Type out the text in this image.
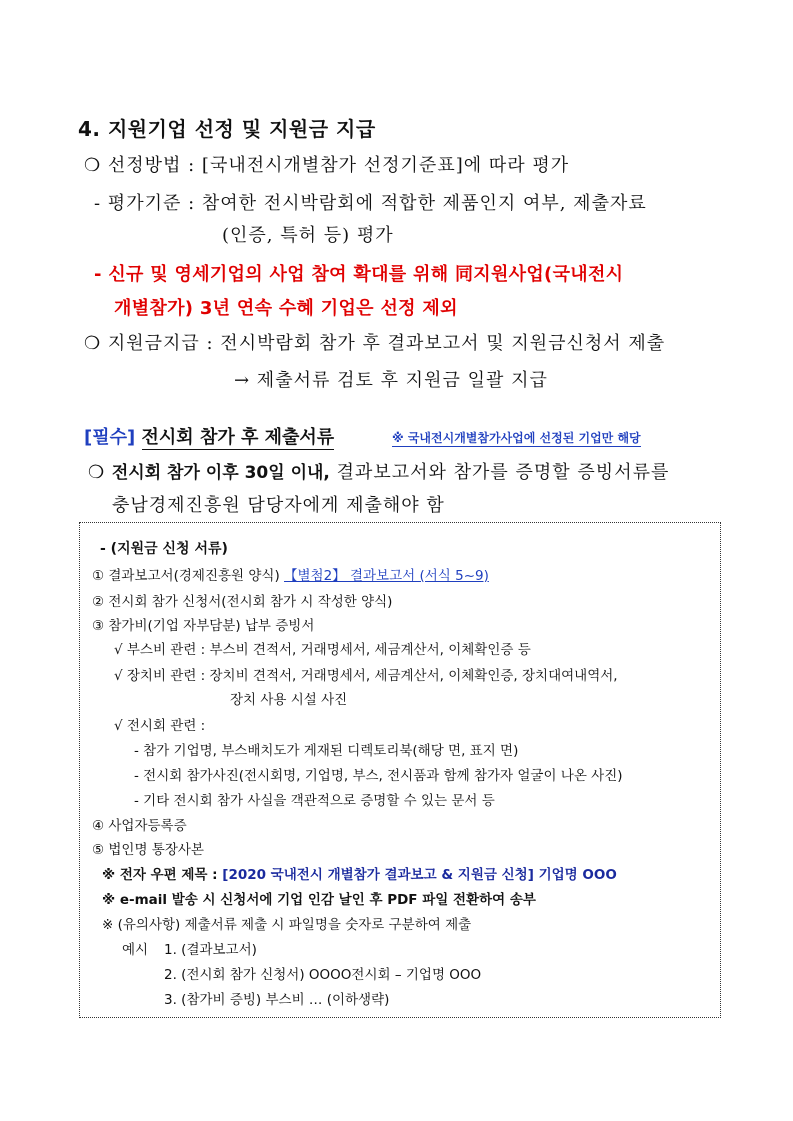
4. 지원기업 선정 및 지원금 지급
❍ 선정방법 : [국내전시개별참가 선정기준표]에 따라 평가
- 평가기준 : 참여한 전시박람회에 적합한 제품인지 여부, 제출자료
(인증, 특허 등) 평가
- 신규 및 영세기업의 사업 참여 확대를 위해 同지원사업(국내전시
개별참가) 3년 연속 수혜 기업은 선정 제외
❍ 지원금지급 : 전시박람회 참가 후 결과보고서 및 지원금신청서 제출
→ 제출서류 검토 후 지원금 일괄 지급
[필수] 전시회 참가 후 제출서류	※ 국내전시개별참가사업에 선정된 기업만 해당
❍ 전시회 참가 이후 30일 이내, 결과보고서와 참가를 증명할 증빙서류를
충남경제진흥원 담당자에게 제출해야 함
- (지원금 신청 서류)
① 결과보고서(경제진흥원 양식) 【별첨2】 결과보고서 (서식 5~9)
② 전시회 참가 신청서(전시회 참가 시 작성한 양식)
③ 참가비(기업 자부담분) 납부 증빙서
√ 부스비 관련 : 부스비 견적서, 거래명세서, 세금계산서, 이체확인증 등
√ 장치비 관련 : 장치비 견적서, 거래명세서, 세금계산서, 이체확인증, 장치대여내역서,
장치 사용 시설 사진
√ 전시회 관련 :
- 참가 기업명, 부스배치도가 게재된 디렉토리북(해당 면, 표지 면)
- 전시회 참가사진(전시회명, 기업명, 부스, 전시품과 함께 참가자 얼굴이 나온 사진)
- 기타 전시회 참가 사실을 객관적으로 증명할 수 있는 문서 등
④ 사업자등록증
⑤ 법인명 통장사본
※ 전자 우편 제목 : [2020 국내전시 개별참가 결과보고 & 지원금 신청] 기업명 OOO
※ e-mail 발송 시 신청서에 기업 인감 날인 후 PDF 파일 전환하여 송부
※ (유의사항) 제출서류 제출 시 파일명을 숫자로 구분하여 제출
예시 1. (결과보고서)
2. (전시회 참가 신청서) OOOO전시회 – 기업명 OOO
3. (참가비 증빙) 부스비 … (이하생략)
